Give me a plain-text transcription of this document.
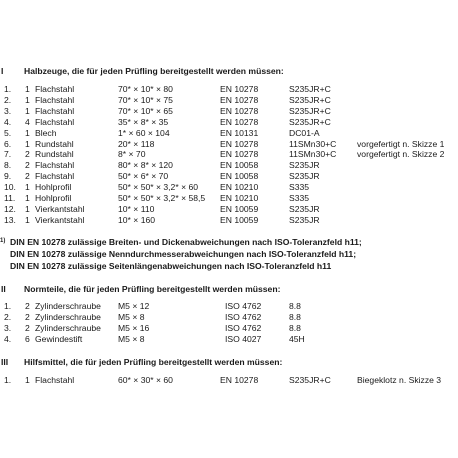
I Halbzeuge, die für jeden Prüfling bereitgestellt werden müssen:
1. 1 Flachstahl	70* × 10* × 80	EN 10278	S235JR+C
2. 1 Flachstahl	70* × 10* × 75	EN 10278	S235JR+C
3. 1 Flachstahl	70* × 10* × 65	EN 10278	S235JR+C
4. 4 Flachstahl	35* × 8* × 35	EN 10278	S235JR+C
5. 1 Blech	1* × 60 × 104	EN 10131	DC01-A
6. 1 Rundstahl	20* × 118	EN 10278	11SMn30+C vorgefertigt n. Skizze 1
7. 2 Rundstahl	8* × 70	EN 10278	11SMn30+C vorgefertigt n. Skizze 2
8. 2 Flachstahl	80* × 8* × 120	EN 10058	S235JR
9. 2 Flachstahl	50* × 6* × 70	EN 10058	S235JR
10. 1 Hohlprofil	50* × 50* × 3,2* × 60	EN 10210	S335
11. 1 Hohlprofil	50* × 50* × 3,2* × 58,5 EN 10210	S335
12. 1 Vierkantstahl	10* × 110	EN 10059	S235JR
13. 1 Vierkantstahl	10* × 160	EN 10059	S235JR
1) DIN EN 10278 zulässige Breiten- und Dickenabweichungen nach ISO-Toleranzfeld h11;
DIN EN 10278 zulässige Nenndurchmesserabweichungen nach ISO-Toleranzfeld h11;
DIN EN 10278 zulässige Seitenlängenabweichungen nach ISO-Toleranzfeld h11
II Normteile, die für jeden Prüfling bereitgestellt werden müssen:
1. 2 Zylinderschraube M5 × 12	ISO 4762	8.8
2. 2 Zylinderschraube M5 × 8	ISO 4762	8.8
3. 2 Zylinderschraube M5 × 16	ISO 4762	8.8
4. 6 Gewindestift	M5 × 8	ISO 4027	45H
III Hilfsmittel, die für jeden Prüfling bereitgestellt werden müssen:
1. 1 Flachstahl	60* × 30* × 60	EN 10278	S235JR+C	Biegeklotz n. Skizze 3
